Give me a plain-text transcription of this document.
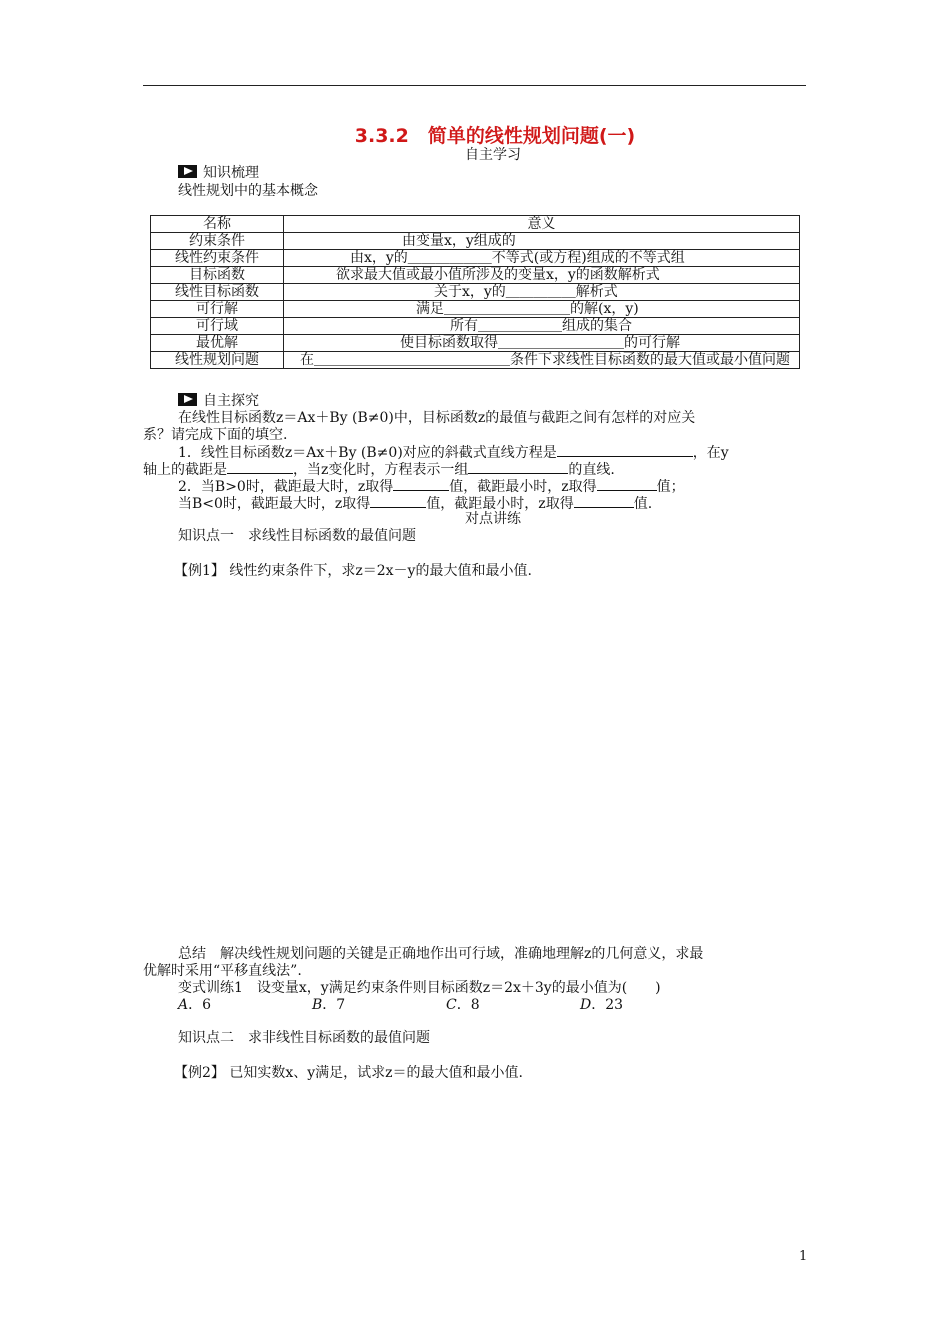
3.3.2　简单的线性规划问题(一)
自主学习
知识梳理
线性规划中的基本概念
名称	意义
约束条件	由变量x，y组成的
线性约束条件	由x，y的＿＿＿＿＿＿不等式(或方程)组成的不等式组
目标函数	欲求最大值或最小值所涉及的变量x，y的函数解析式
线性目标函数	关于x，y的＿＿＿＿＿解析式
可行解	满足＿＿＿＿＿＿＿＿＿的解(x，y)
可行域	所有＿＿＿＿＿＿组成的集合
最优解	使目标函数取得＿＿＿＿＿＿＿＿＿的可行解
线性规划问题	在＿＿＿＿＿＿＿＿＿＿＿＿＿＿条件下求线性目标函数的最大值或最小值问题
自主探究
在线性目标函数z＝Ax＋By (B≠0)中，目标函数z的最值与截距之间有怎样的对应关
系？请完成下面的填空.
1．线性目标函数z＝Ax＋By (B≠0)对应的斜截式直线方程是	，在y
轴上的截距是	，当z变化时，方程表示一组	的直线.
2．当B>0时，截距最大时，z取得	值，截距最小时，z取得	值；
当B<0时，截距最大时，z取得	值，截距最小时，z取得	值.
对点讲练
知识点一　求线性目标函数的最值问题
【例1】 线性约束条件下，求z＝2x－y的最大值和最小值.
总结　解决线性规划问题的关键是正确地作出可行域，准确地理解z的几何意义，求最
优解时采用“平移直线法”.
变式训练1　设变量x，y满足约束条件则目标函数z＝2x＋3y的最小值为(　　)
A．6	B．7	C．8	D．23
知识点二　求非线性目标函数的最值问题
【例2】 已知实数x、y满足，试求z＝的最大值和最小值.
1
